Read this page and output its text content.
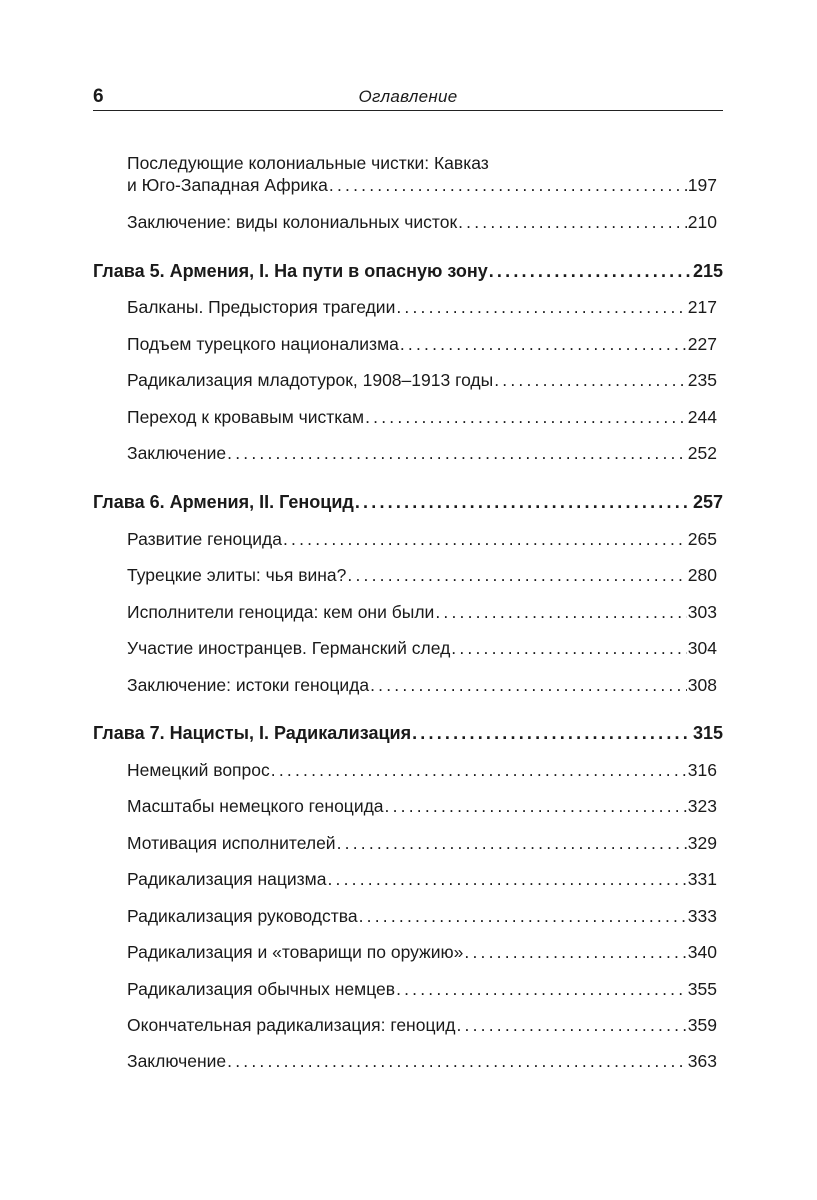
6	Оглавление
Последующие колониальные чистки: Кавказ
и Юго-Западная Африка .....	197
Заключение: виды колониальных чисток .....	210
Глава 5. Армения, I. На пути в опасную зону .....	215
Балканы. Предыстория трагедии .....	217
Подъем турецкого национализма .....	227
Радикализация младотурок, 1908–1913 годы .....	235
Переход к кровавым чисткам .....	244
Заключение .....	252
Глава 6. Армения, II. Геноцид .....	257
Развитие геноцида .....	265
Турецкие элиты: чья вина? .....	280
Исполнители геноцида: кем они были .....	303
Участие иностранцев. Германский след .....	304
Заключение: истоки геноцида .....	308
Глава 7. Нацисты, I. Радикализация .....	315
Немецкий вопрос .....	316
Масштабы немецкого геноцида .....	323
Мотивация исполнителей .....	329
Радикализация нацизма .....	331
Радикализация руководства .....	333
Радикализация и «товарищи по оружию» .....	340
Радикализация обычных немцев .....	355
Окончательная радикализация: геноцид .....	359
Заключение .....	363
